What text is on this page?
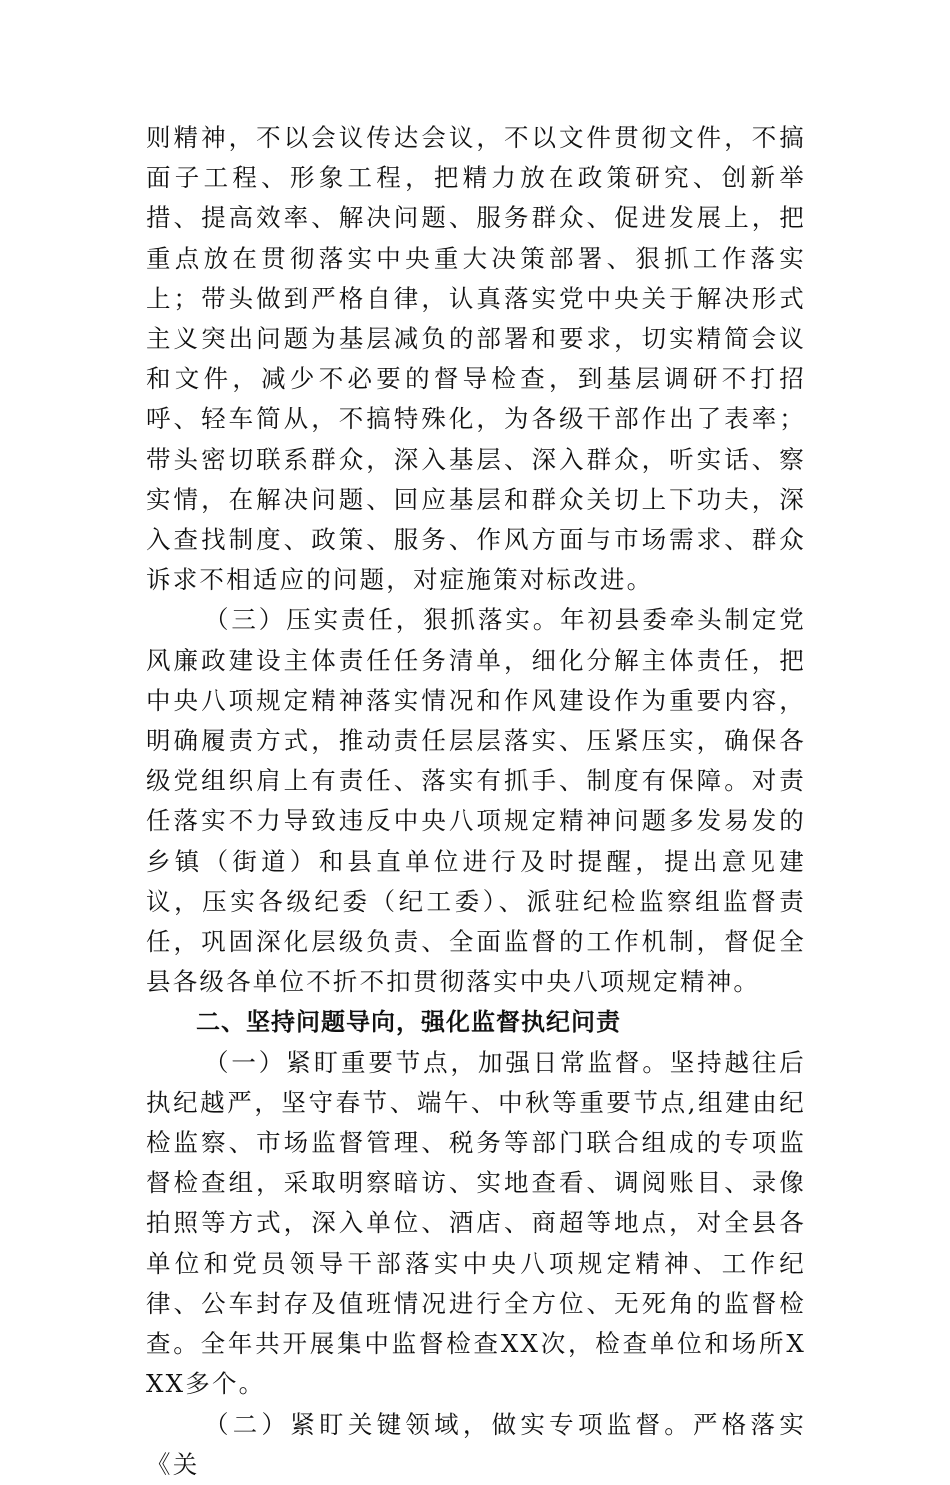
则精神，不以会议传达会议，不以文件贯彻文件，不搞面子工程、形象工程，把精力放在政策研究、创新举措、提高效率、解决问题、服务群众、促进发展上，把重点放在贯彻落实中央重大决策部署、狠抓工作落实上；带头做到严格自律，认真落实党中央关于解决形式主义突出问题为基层减负的部署和要求，切实精简会议和文件，减少不必要的督导检查，到基层调研不打招呼、轻车简从，不搞特殊化，为各级干部作出了表率；带头密切联系群众，深入基层、深入群众，听实话、察实情，在解决问题、回应基层和群众关切上下功夫，深入查找制度、政策、服务、作风方面与市场需求、群众诉求不相适应的问题，对症施策对标改进。

（三）压实责任，狠抓落实。年初县委牵头制定党风廉政建设主体责任任务清单，细化分解主体责任，把中央八项规定精神落实情况和作风建设作为重要内容，明确履责方式，推动责任层层落实、压紧压实，确保各级党组织肩上有责任、落实有抓手、制度有保障。对责任落实不力导致违反中央八项规定精神问题多发易发的乡镇（街道）和县直单位进行及时提醒，提出意见建议，压实各级纪委（纪工委）、派驻纪检监察组监督责任，巩固深化层级负责、全面监督的工作机制，督促全县各级各单位不折不扣贯彻落实中央八项规定精神。

二、坚持问题导向，强化监督执纪问责

（一）紧盯重要节点，加强日常监督。坚持越往后执纪越严，坚守春节、端午、中秋等重要节点,组建由纪检监察、市场监督管理、税务等部门联合组成的专项监督检查组，采取明察暗访、实地查看、调阅账目、录像拍照等方式，深入单位、酒店、商超等地点，对全县各单位和党员领导干部落实中央八项规定精神、工作纪律、公车封存及值班情况进行全方位、无死角的监督检查。全年共开展集中监督检查XX次，检查单位和场所XXX多个。

（二）紧盯关键领域，做实专项监督。严格落实《关
